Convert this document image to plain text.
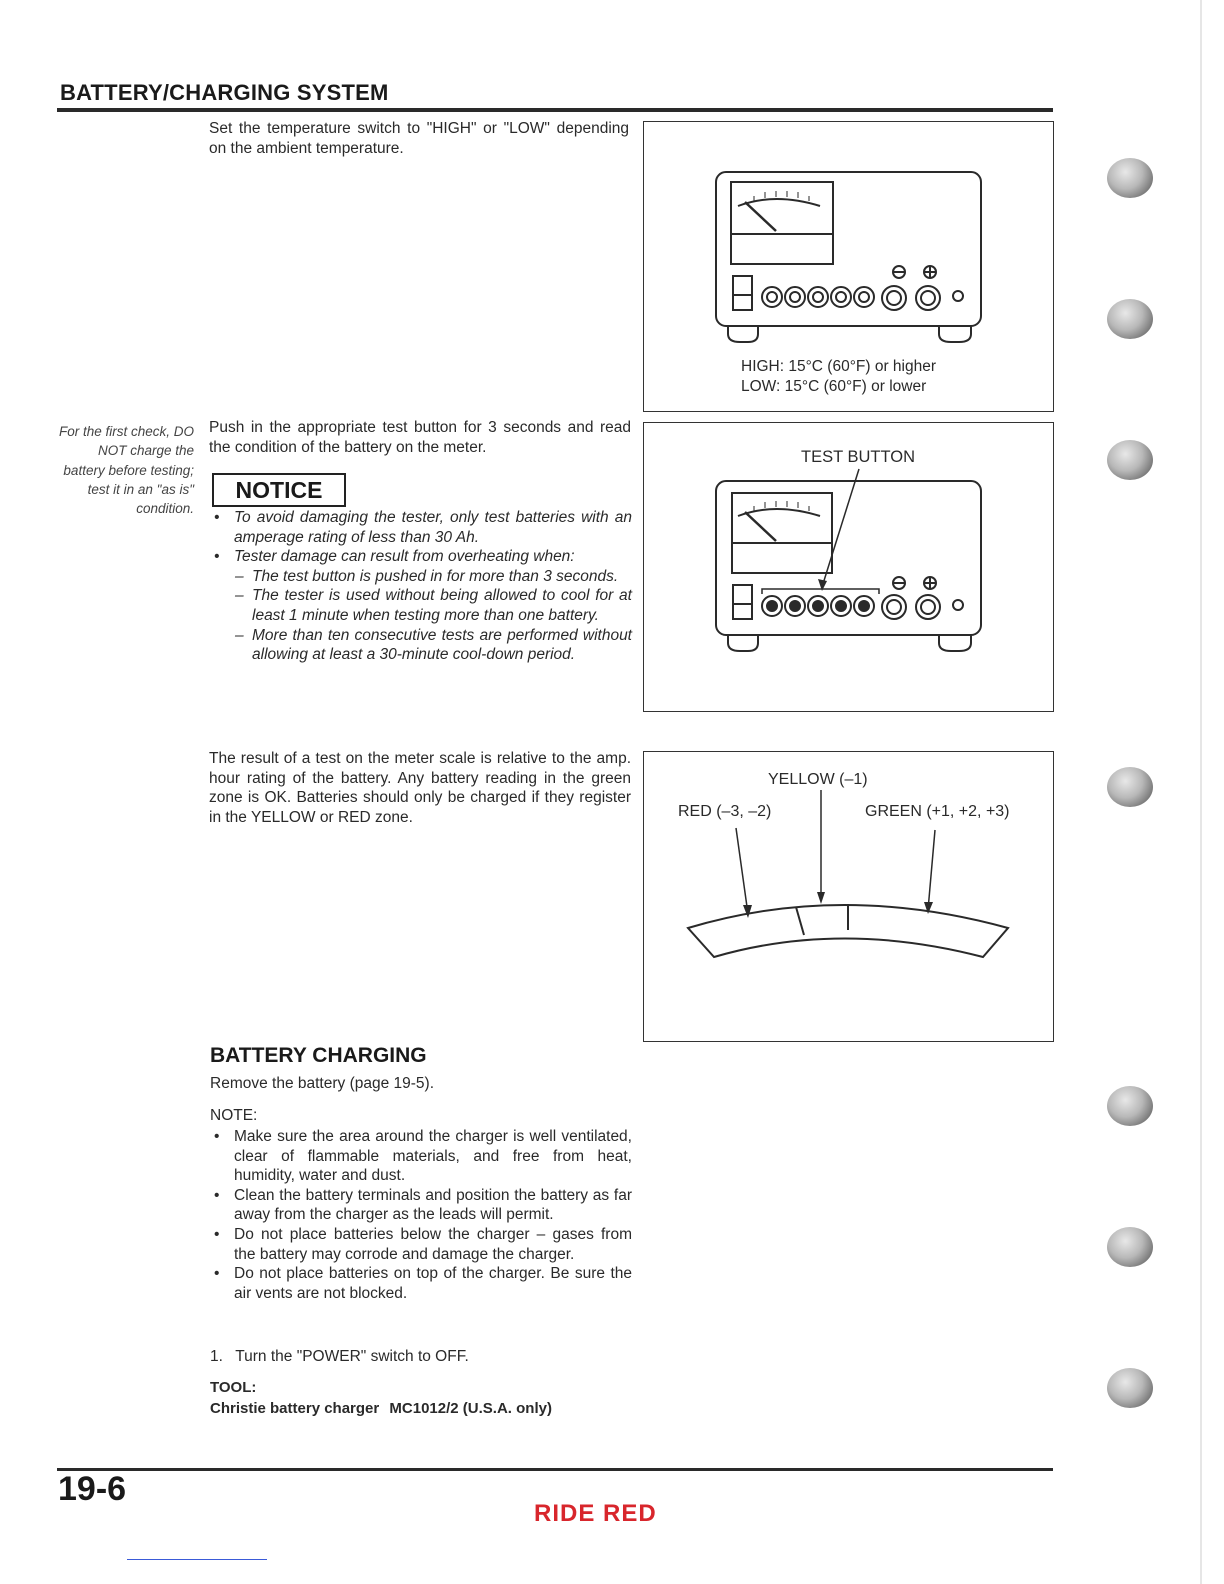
BATTERY/CHARGING SYSTEM
Set the temperature switch to "HIGH" or "LOW" depending on the ambient temperature.
HIGH: 15°C (60°F) or higher
LOW: 15°C (60°F) or lower
For the first check, DO NOT charge the battery before testing; test it in an "as is" condition.
Push in the appropriate test button for 3 seconds and read the condition of the battery on the meter.
NOTICE
• To avoid damaging the tester, only test batteries with an amperage rating of less than 30 Ah.
• Tester damage can result from overheating when:
– The test button is pushed in for more than 3 seconds.
– The tester is used without being allowed to cool for at least 1 minute when testing more than one battery.
– More than ten consecutive tests are performed without allowing at least a 30-minute cool-down period.
TEST BUTTON
The result of a test on the meter scale is relative to the amp. hour rating of the battery. Any battery reading in the green zone is OK. Batteries should only be charged if they register in the YELLOW or RED zone.
YELLOW (–1)
RED (–3, –2)	GREEN (+1, +2, +3)
BATTERY CHARGING
Remove the battery (page 19-5).
NOTE:
• Make sure the area around the charger is well ventilated, clear of flammable materials, and free from heat, humidity, water and dust.
• Clean the battery terminals and position the battery as far away from the charger as the leads will permit.
• Do not place batteries below the charger – gases from the battery may corrode and damage the charger.
• Do not place batteries on top of the charger. Be sure the air vents are not blocked.
1. Turn the "POWER" switch to OFF.
TOOL:
Christie battery charger MC1012/2 (U.S.A. only)
19-6
RIDE RED
